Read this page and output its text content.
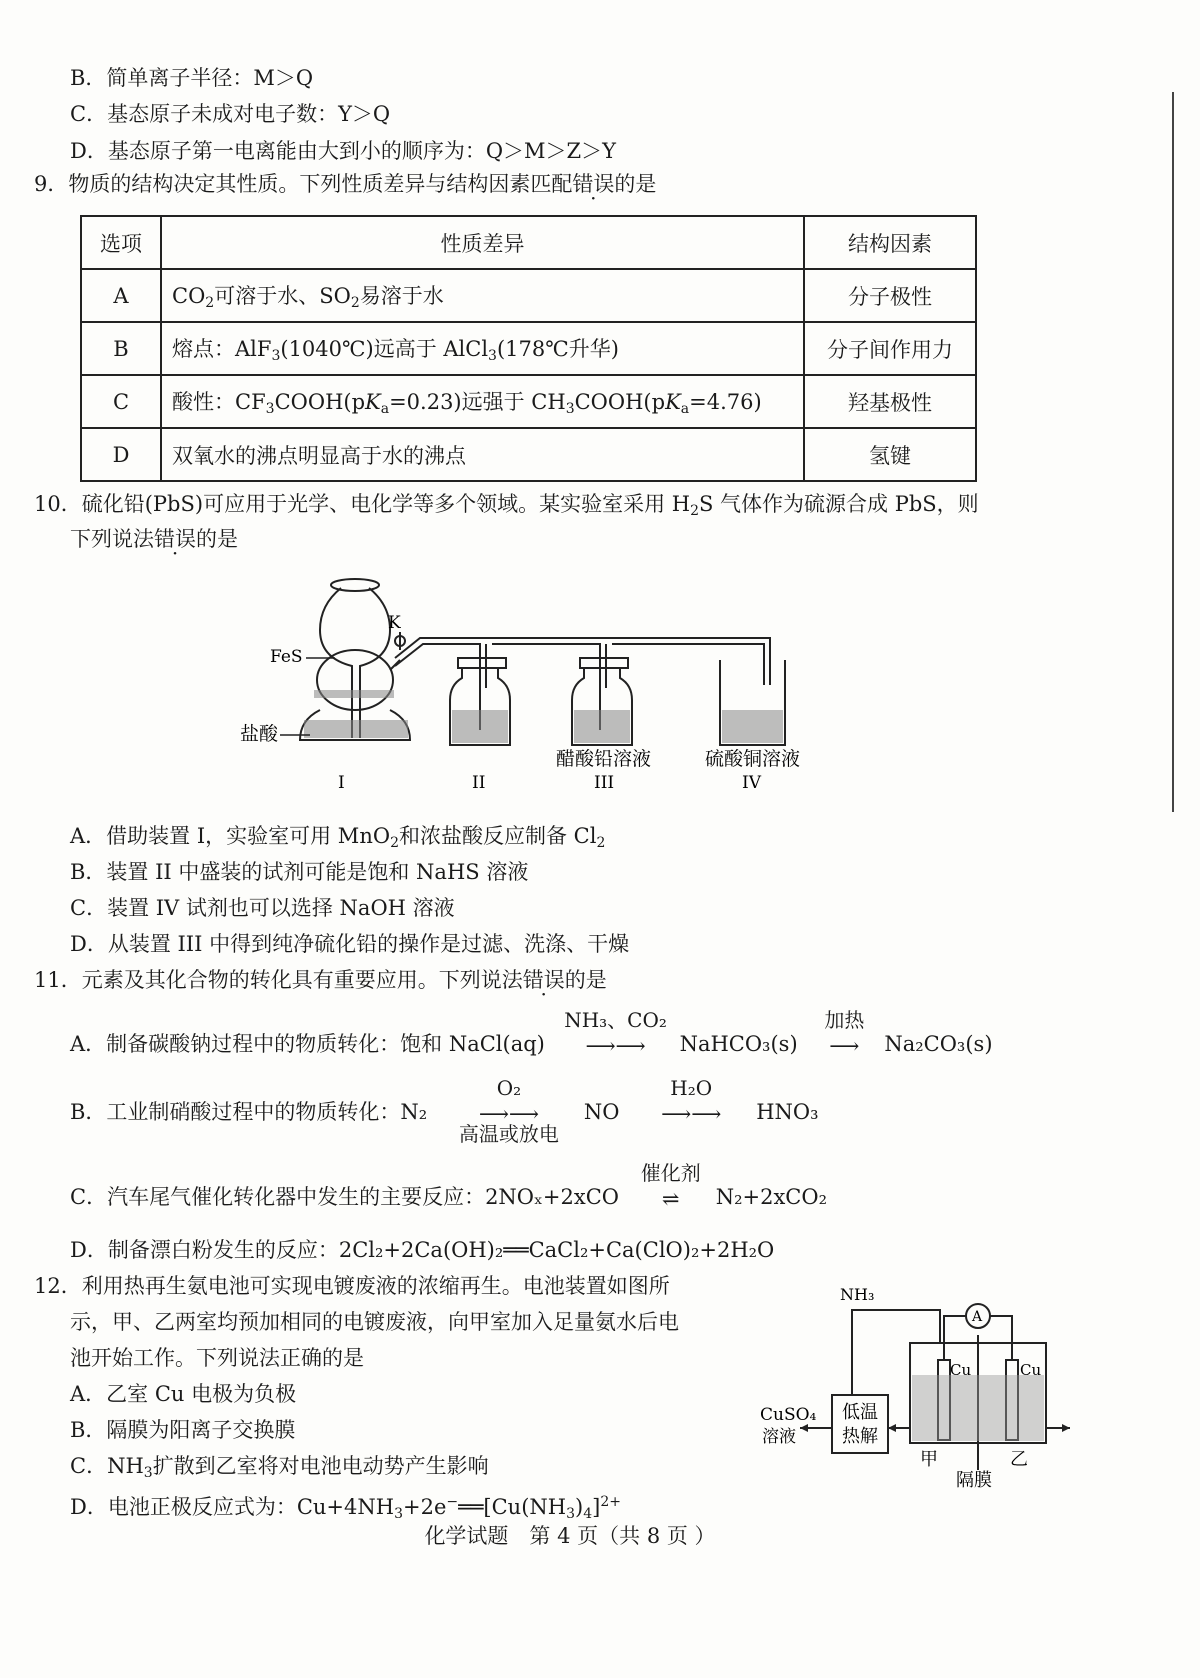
B．简单离子半径：M＞Q
C．基态原子未成对电子数：Y＞Q
D．基态原子第一电离能由大到小的顺序为：Q＞M＞Z＞Y
9．物质的结构决定其性质。下列性质差异与结构因素匹配错误的是
选项	性质差异	结构因素
A	$CO_2$可溶于水、$SO_2$易溶于水	分子极性
B	熔点：AlF$_3$(1040℃)远高于 AlCl$_3$(178℃升华)	分子间作用力
C	酸性：$CF_3COOH(pK_a=0.23)$远强于 $CH_3COOH(pK_a=4.76)$	羟基极性
D	双氧水的沸点明显高于水的沸点	氢键
10．硫化铅(PbS)可应用于光学、电化学等多个领域。某实验室采用 $H_2S$ 气体作为硫源合成 PbS，则
下列说法错误的是
K
FeS
盐酸
醋酸铅溶液	硫酸铜溶液
I	II	III	IV
A．借助装置 I，实验室可用 MnO$_2$和浓盐酸反应制备 $Cl_2$
B．装置 II 中盛装的试剂可能是饱和 NaHS 溶液
C．装置 IV 试剂也可以选择 NaOH 溶液
D．从装置 III 中得到纯净硫化铅的操作是过滤、洗涤、干燥
11．元素及其化合物的转化具有重要应用。下列说法错误的是
A．制备碳酸钠过程中的物质转化：饱和 NaCl(aq)
NH₃、CO₂
⟶⟶ NaHCO₃(s)
加热
⟶ Na₂CO₃(s)
B．工业制硝酸过程中的物质转化：N₂
O₂
⟶⟶
高温或放电
NO
H₂O
⟶⟶ HNO₃
C．汽车尾气催化转化器中发生的主要反应：2NOₓ+2xCO
催化剂
⇌ N₂+2xCO₂
D．制备漂白粉发生的反应：2Cl₂+2Ca(OH)₂══CaCl₂+Ca(ClO)₂+2H₂O
12．利用热再生氨电池可实现电镀废液的浓缩再生。电池装置如图所
示，甲、乙两室均预加相同的电镀废液，向甲室加入足量氨水后电
池开始工作。下列说法正确的是
A．乙室 Cu 电极为负极
B．隔膜为阳离子交换膜
C．$NH_3$扩散到乙室将对电池电动势产生影响
D．电池正极反应式为：$Cu+4NH_3+2e^-══[Cu(NH_3)_4]^{2+}$
NH₃
A
Cu	Cu
CuSO₄
溶液
低温
热解
甲	乙
隔膜
化学试题　第 4 页（共 8 页 ）
